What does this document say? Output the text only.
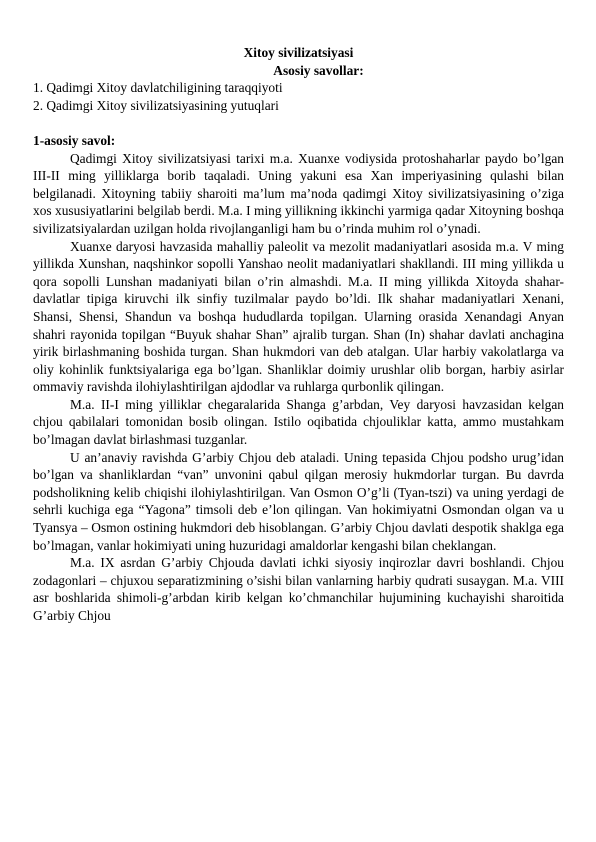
Xitoy sivilizatsiyasi

Asosiy savollar:

1. Qadimgi Xitoy davlatchiligining taraqqiyoti

2. Qadimgi Xitoy sivilizatsiyasining yutuqlari

1-asosiy savol:

Qadimgi Xitoy sivilizatsiyasi tarixi m.a. Xuanxe vodiysida protoshaharlar paydo bo’lgan III-II ming yilliklarga borib taqaladi. Uning yakuni esa Xan imperiyasining qulashi bilan belgilanadi. Xitoyning tabiiy sharoiti ma’lum ma’noda qadimgi Xitoy sivilizatsiyasining o’ziga xos xususiyatlarini belgilab berdi. M.a. I ming yillikning ikkinchi yarmiga qadar Xitoyning boshqa sivilizatsiyalardan uzilgan holda rivojlanganligi ham bu o’rinda muhim rol o’ynadi.

Xuanxe daryosi havzasida mahalliy paleolit va mezolit madaniyatlari asosida m.a. V ming yillikda Xunshan, naqshinkor sopolli Yanshao neolit madaniyatlari shakllandi. III ming yillikda u qora sopolli Lunshan madaniyati bilan o’rin almashdi. M.a. II ming yillikda Xitoyda shahar-davlatlar tipiga kiruvchi ilk sinfiy tuzilmalar paydo bo’ldi. Ilk shahar madaniyatlari Xenani, Shansi, Shensi, Shandun va boshqa hududlarda topilgan. Ularning orasida Xenandagi Anyan shahri rayonida topilgan “Buyuk shahar Shan” ajralib turgan. Shan (In) shahar davlati anchagina yirik birlashmaning boshida turgan. Shan hukmdori van deb atalgan. Ular harbiy vakolatlarga va oliy kohinlik funktsiyalariga ega bo’lgan. Shanliklar doimiy urushlar olib borgan, harbiy asirlar ommaviy ravishda ilohiylashtirilgan ajdodlar va ruhlarga qurbonlik qilingan.

M.a. II-I ming yilliklar chegaralarida Shanga g’arbdan, Vey daryosi havzasidan kelgan chjou qabilalari tomonidan bosib olingan. Istilo oqibatida chjouliklar katta, ammo mustahkam bo’lmagan davlat birlashmasi tuzganlar.

U an’anaviy ravishda G’arbiy Chjou deb ataladi. Uning tepasida Chjou podsho urug’idan bo’lgan va shanliklardan “van” unvonini qabul qilgan merosiy hukmdorlar turgan. Bu davrda podsholikning kelib chiqishi ilohiylashtirilgan. Van Osmon O’g’li (Tyan-tszi) va uning yerdagi de sehrli kuchiga ega “Yagona” timsoli deb e’lon qilingan. Van hokimiyatni Osmondan olgan va u Tyansya – Osmon ostining hukmdori deb hisoblangan. G’arbiy Chjou davlati despotik shaklga ega bo’lmagan, vanlar hokimiyati uning huzuridagi amaldorlar kengashi bilan cheklangan.

M.a. IX asrdan G’arbiy Chjouda davlati ichki siyosiy inqirozlar davri boshlandi. Chjou zodagonlari – chjuxou separatizmining o’sishi bilan vanlarning harbiy qudrati susaygan. M.a. VIII asr boshlarida shimoli-g’arbdan kirib kelgan ko’chmanchilar hujumining kuchayishi sharoitida G’arbiy Chjou
